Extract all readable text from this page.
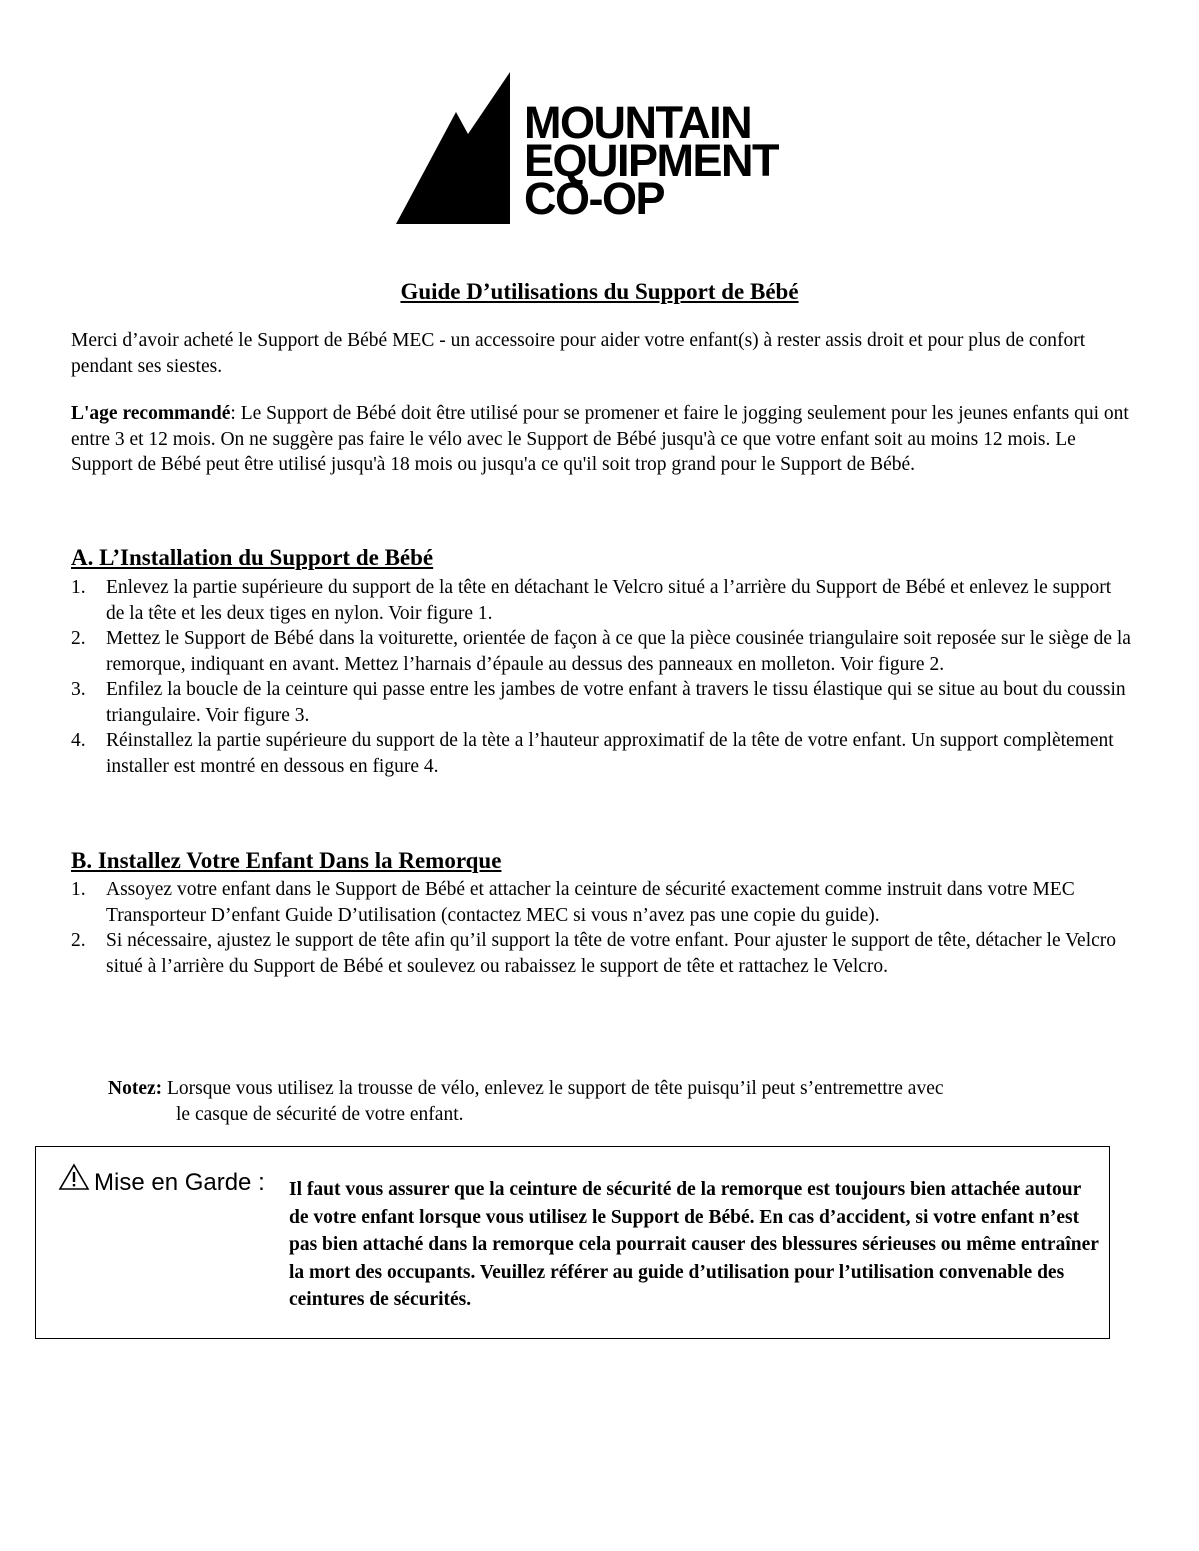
MOUNTAIN
EQUIPMENT
CO-OP
Guide D’utilisations du Support de Bébé

Merci d’avoir acheté le Support de Bébé MEC - un accessoire pour aider votre enfant(s) à rester assis droit et pour plus de confort pendant ses siestes.

L'age recommandé: Le Support de Bébé doit être utilisé pour se promener et faire le jogging seulement pour les jeunes enfants qui ont entre 3 et 12 mois. On ne suggère pas faire le vélo avec le Support de Bébé jusqu'à ce que votre enfant soit au moins 12 mois. Le Support de Bébé peut être utilisé jusqu'à 18 mois ou jusqu'a ce qu'il soit trop grand pour le Support de Bébé.

A. L’Installation du Support de Bébé
1. Enlevez la partie supérieure du support de la tête en détachant le Velcro situé a l’arrière du Support de Bébé et enlevez le support de la tête et les deux tiges en nylon. Voir figure 1.
2. Mettez le Support de Bébé dans la voiturette, orientée de façon à ce que la pièce cousinée triangulaire soit reposée sur le siège de la remorque, indiquant en avant. Mettez l’harnais d’épaule au dessus des panneaux en molleton. Voir figure 2.
3. Enfilez la boucle de la ceinture qui passe entre les jambes de votre enfant à travers le tissu élastique qui se situe au bout du coussin triangulaire. Voir figure 3.
4. Réinstallez la partie supérieure du support de la tète a l’hauteur approximatif de la tête de votre enfant. Un support complètement installer est montré en dessous en figure 4.
B. Installez Votre Enfant Dans la Remorque
1. Assoyez votre enfant dans le Support de Bébé et attacher la ceinture de sécurité exactement comme instruit dans votre MEC Transporteur D’enfant Guide D’utilisation (contactez MEC si vous n’avez pas une copie du guide).
2. Si nécessaire, ajustez le support de tête afin qu’il support la tête de votre enfant. Pour ajuster le support de tête, détacher le Velcro situé à l’arrière du Support de Bébé et soulevez ou rabaissez le support de tête et rattachez le Velcro.
Notez: Lorsque vous utilisez la trousse de vélo, enlevez le support de tête puisqu’il peut s’entremettre avec
le casque de sécurité de votre enfant.
Mise en Garde : Il faut vous assurer que la ceinture de sécurité de la remorque est toujours bien attachée autour de votre enfant lorsque vous utilisez le Support de Bébé. En cas d’accident, si votre enfant n’est pas bien attaché dans la remorque cela pourrait causer des blessures sérieuses ou même entraîner la mort des occupants. Veuillez référer au guide d’utilisation pour l’utilisation convenable des ceintures de sécurités.
